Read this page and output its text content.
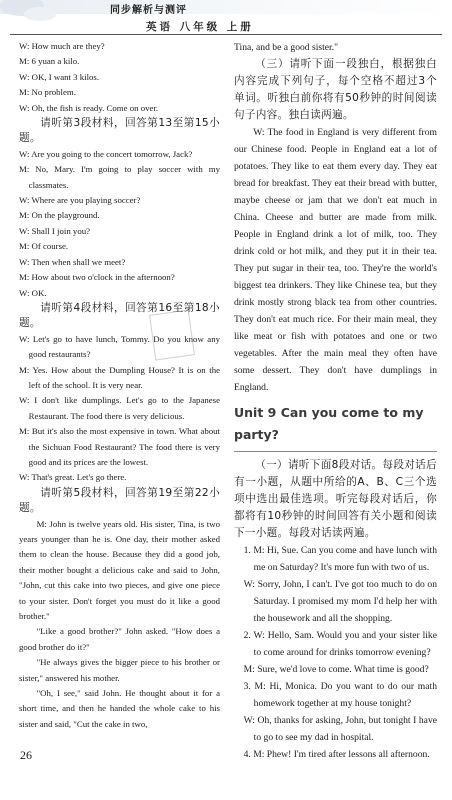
同步解析与测评
英语 八年级 上册
W: How much are they?
M: 6 yuan a kilo.
W: OK, I want 3 kilos.
M: No problem.
W: Oh, the fish is ready. Come on over.
请听第3段材料，回答第13至第15小题。
W: Are you going to the concert tomorrow, Jack?
M: No, Mary. I'm going to play soccer with my classmates.
W: Where are you playing soccer?
M: On the playground.
W: Shall I join you?
M: Of course.
W: Then when shall we meet?
M: How about two o'clock in the afternoon?
W: OK.
请听第4段材料，回答第16至第18小题。
W: Let's go to have lunch, Tommy. Do you know any good restaurants?
M: Yes. How about the Dumpling House? It is on the left of the school. It is very near.
W: I don't like dumplings. Let's go to the Japanese Restaurant. The food there is very delicious.
M: But it's also the most expensive in town. What about the Sichuan Food Restaurant? The food there is very good and its prices are the lowest.
W: That's great. Let's go there.
请听第5段材料，回答第19至第22小题。
M: John is twelve years old. His sister, Tina, is two years younger than he is. One day, their mother asked them to clean the house. Because they did a good job, their mother bought a delicious cake and said to John, "John, cut this cake into two pieces, and give one piece to your sister. Don't forget you must do it like a good brother."
"Like a good brother?" John asked. "How does a good brother do it?"
"He always gives the bigger piece to his brother or sister," answered his mother.
"Oh, I see," said John. He thought about it for a short time, and then he handed the whole cake to his sister and said, "Cut the cake in two,
Tina, and be a good sister."
（三）请听下面一段独白，根据独白内容完成下列句子，每个空格不超过3个单词。听独白前你将有50秒钟的时间阅读句子内容。独白读两遍。
W: The food in England is very different from our Chinese food. People in England eat a lot of potatoes. They like to eat them every day. They eat bread for breakfast. They eat their bread with butter, maybe cheese or jam that we don't eat much in China. Cheese and butter are made from milk. People in England drink a lot of milk, too. They drink cold or hot milk, and they put it in their tea. They put sugar in their tea, too. They're the world's biggest tea drinkers. They like Chinese tea, but they drink mostly strong black tea from other countries. They don't eat much rice. For their main meal, they like meat or fish with potatoes and one or two vegetables. After the main meal they often have some dessert. They don't have dumplings in England.
Unit 9 Can you come to my party?
（一）请听下面8段对话。每段对话后有一小题，从题中所给的A、B、C三个选项中选出最佳选项。听完每段对话后，你都将有10秒钟的时间回答有关小题和阅读下一小题。每段对话读两遍。
1. M: Hi, Sue. Can you come and have lunch with me on Saturday? It's more fun with two of us.
W: Sorry, John, I can't. I've got too much to do on Saturday. I promised my mom I'd help her with the housework and all the shopping.
2. W: Hello, Sam. Would you and your sister like to come around for drinks tomorrow evening?
M: Sure, we'd love to come. What time is good?
3. M: Hi, Monica. Do you want to do our math homework together at my house tonight?
W: Oh, thanks for asking, John, but tonight I have to go to see my dad in hospital.
4. M: Phew! I'm tired after lessons all afternoon.
26
